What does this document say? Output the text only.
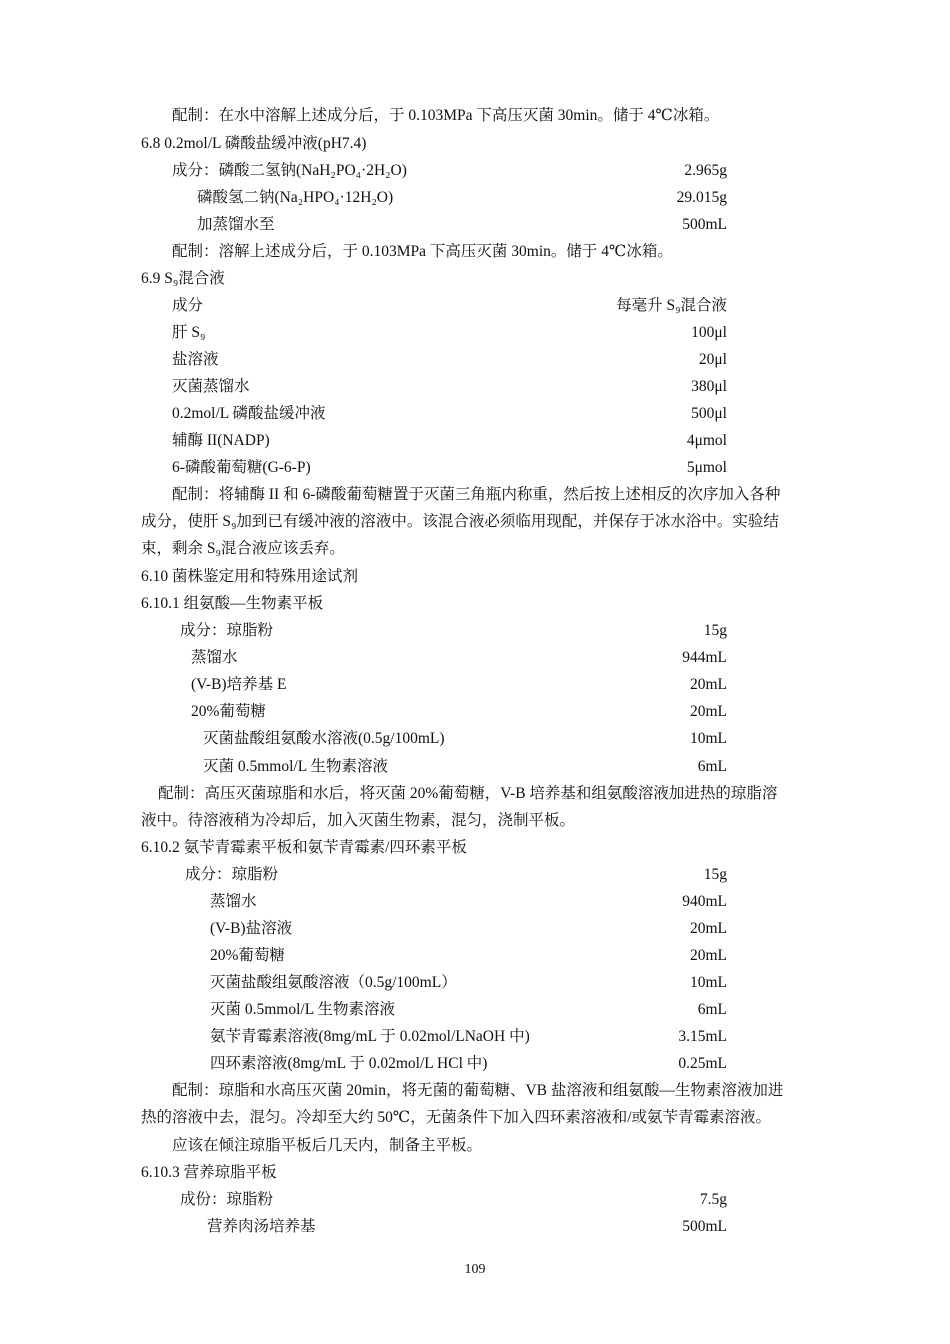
配制：在水中溶解上述成分后，于 0.103MPa 下高压灭菌 30min。储于 4℃冰箱。
6.8 0.2mol/L 磷酸盐缓冲液(pH7.4)
成分：磷酸二氢钠(NaH₂PO₄·2H₂O)	2.965g
磷酸氢二钠(Na₂HPO₄·12H₂O)	29.015g
加蒸馏水至	500mL
配制：溶解上述成分后，于 0.103MPa 下高压灭菌 30min。储于 4℃冰箱。
6.9 S₉混合液
成分	每毫升 S₉混合液
肝 S₉	100μl
盐溶液	20μl
灭菌蒸馏水	380μl
0.2mol/L 磷酸盐缓冲液	500μl
辅酶 II(NADP)	4μmol
6-磷酸葡萄糖(G-6-P)	5μmol
配制：将辅酶 II 和 6-磷酸葡萄糖置于灭菌三角瓶内称重，然后按上述相反的次序加入各种
成分，使肝 S₉加到已有缓冲液的溶液中。该混合液必须临用现配，并保存于冰水浴中。实验结
束，剩余 S₉混合液应该丢弃。
6.10 菌株鉴定用和特殊用途试剂
6.10.1 组氨酸—生物素平板
成分：琼脂粉	15g
蒸馏水	944mL
(V-B)培养基 E	20mL
20%葡萄糖	20mL
灭菌盐酸组氨酸水溶液(0.5g/100mL)	10mL
灭菌 0.5mmol/L 生物素溶液	6mL
配制：高压灭菌琼脂和水后，将灭菌 20%葡萄糖，V-B 培养基和组氨酸溶液加进热的琼脂溶
液中。待溶液稍为冷却后，加入灭菌生物素，混匀，浇制平板。
6.10.2 氨苄青霉素平板和氨苄青霉素/四环素平板
成分：琼脂粉	15g
蒸馏水	940mL
(V-B)盐溶液	20mL
20%葡萄糖	20mL
灭菌盐酸组氨酸溶液（0.5g/100mL）	10mL
灭菌 0.5mmol/L 生物素溶液	6mL
氨苄青霉素溶液(8mg/mL 于 0.02mol/LNaOH 中)	3.15mL
四环素溶液(8mg/mL 于 0.02mol/L HCl 中)	0.25mL
配制：琼脂和水高压灭菌 20min，将无菌的葡萄糖、VB 盐溶液和组氨酸—生物素溶液加进
热的溶液中去，混匀。冷却至大约 50℃，无菌条件下加入四环素溶液和/或氨苄青霉素溶液。
应该在倾注琼脂平板后几天内，制备主平板。
6.10.3 营养琼脂平板
成份：琼脂粉	7.5g
营养肉汤培养基	500mL
109
